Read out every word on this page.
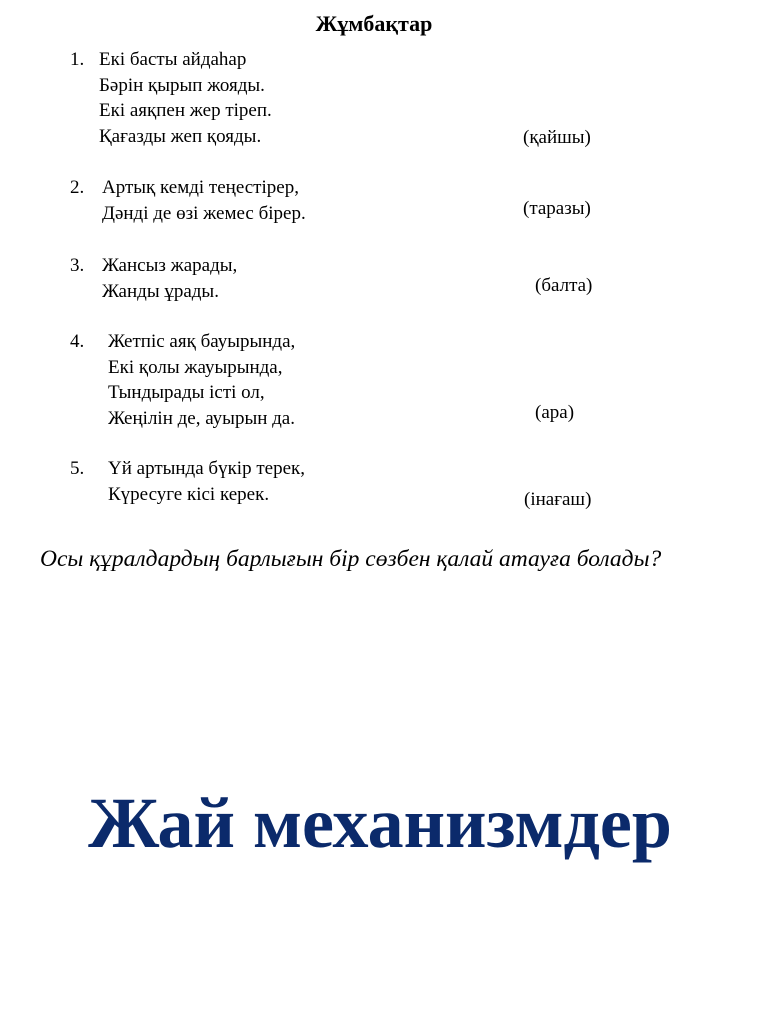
Жұмбақтар
1. Екі басты айдаһар
Бәрін қырып жояды.
Екі аяқпен жер тіреп.
Қағазды жеп қояды.	(қайшы)
2. Артық кемді теңестірер,
Дәнді де өзі жемес бірер.	(таразы)
3. Жансыз жарады,
Жанды ұрады.	(балта)
4. Жетпіс аяқ бауырында,
Екі қолы жауырында,
Тындырады істі ол,
Жеңілін де, ауырын да.	(ара)
5. Үй артында бүкір терек,
Күресуге кісі керек.	(інағаш)
Осы құралдардың барлығын бір сөзбен қалай атауға болады?
Жай механизмдер
